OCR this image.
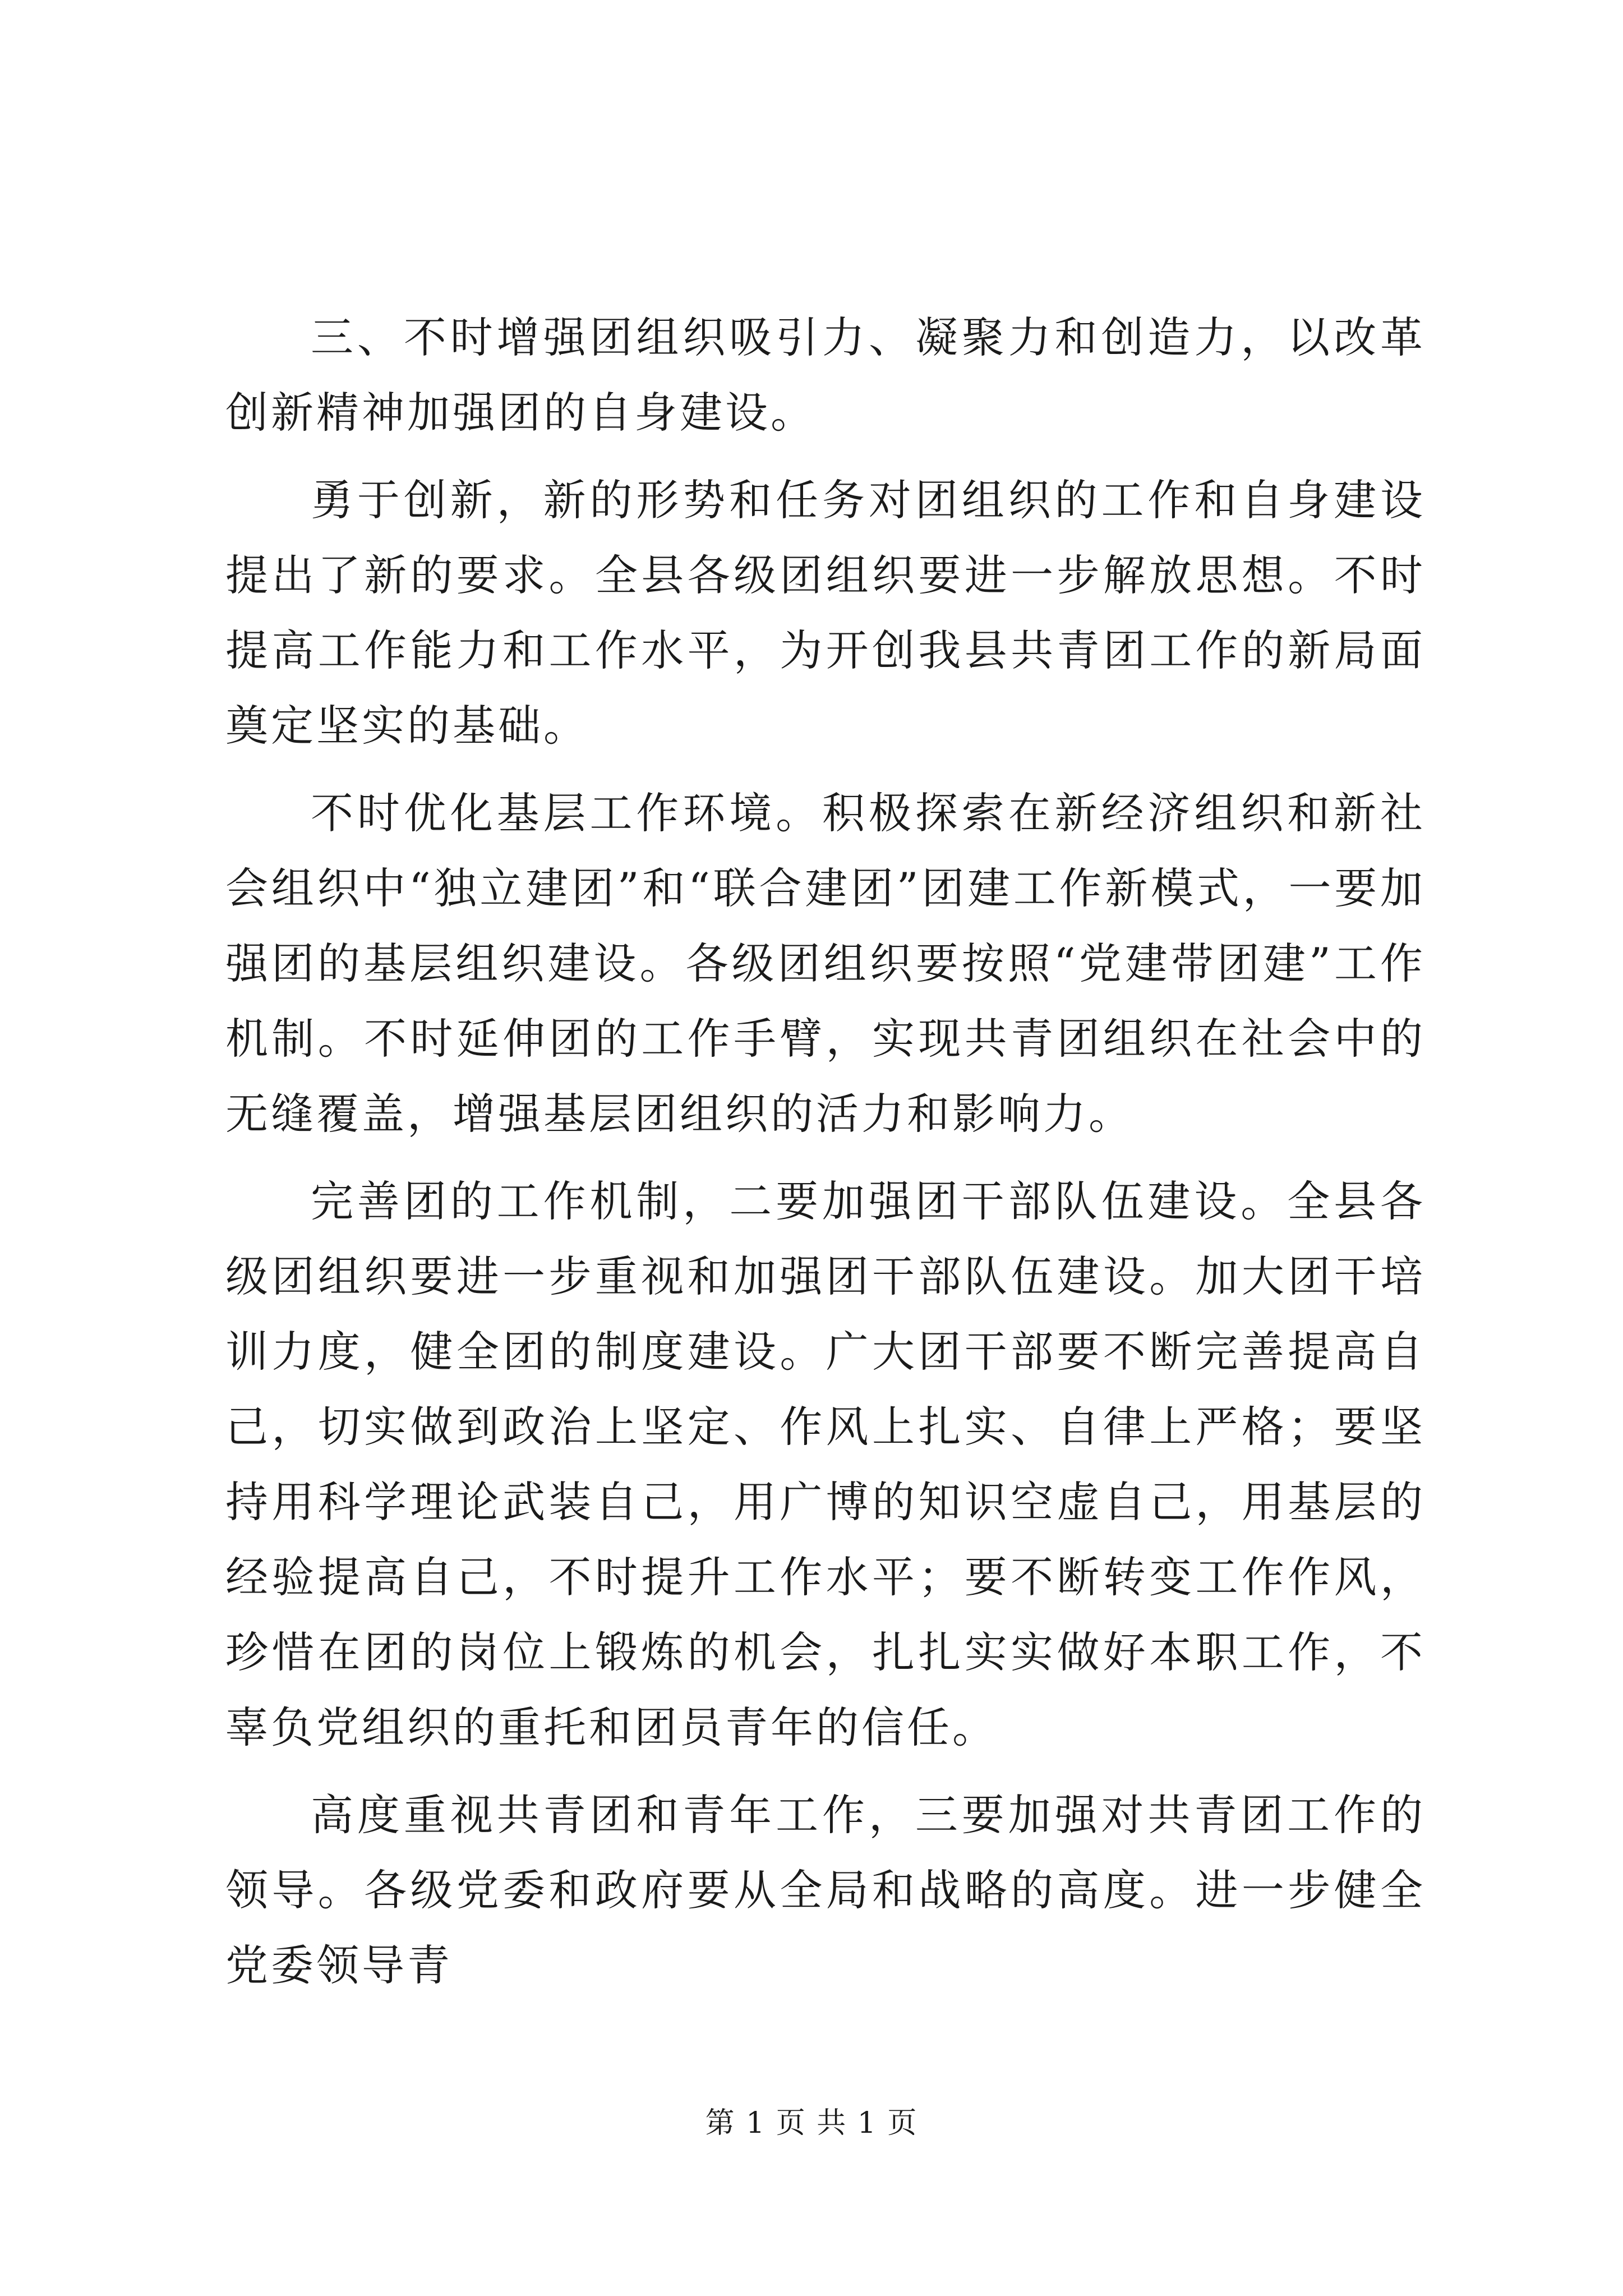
三、不时增强团组织吸引力、凝聚力和创造力，以改革创新精神加强团的自身建设。

勇于创新，新的形势和任务对团组织的工作和自身建设提出了新的要求。全县各级团组织要进一步解放思想。不时提高工作能力和工作水平，为开创我县共青团工作的新局面奠定坚实的基础。

不时优化基层工作环境。积极探索在新经济组织和新社会组织中“独立建团”和“联合建团”团建工作新模式，一要加强团的基层组织建设。各级团组织要按照“党建带团建”工作机制。不时延伸团的工作手臂，实现共青团组织在社会中的无缝覆盖，增强基层团组织的活力和影响力。

完善团的工作机制，二要加强团干部队伍建设。全县各级团组织要进一步重视和加强团干部队伍建设。加大团干培训力度，健全团的制度建设。广大团干部要不断完善提高自己，切实做到政治上坚定、作风上扎实、自律上严格；要坚持用科学理论武装自己，用广博的知识空虚自己，用基层的经验提高自己，不时提升工作水平；要不断转变工作作风，珍惜在团的岗位上锻炼的机会，扎扎实实做好本职工作，不辜负党组织的重托和团员青年的信任。

高度重视共青团和青年工作，三要加强对共青团工作的领导。各级党委和政府要从全局和战略的高度。进一步健全党委领导青

第 1 页 共 1 页
